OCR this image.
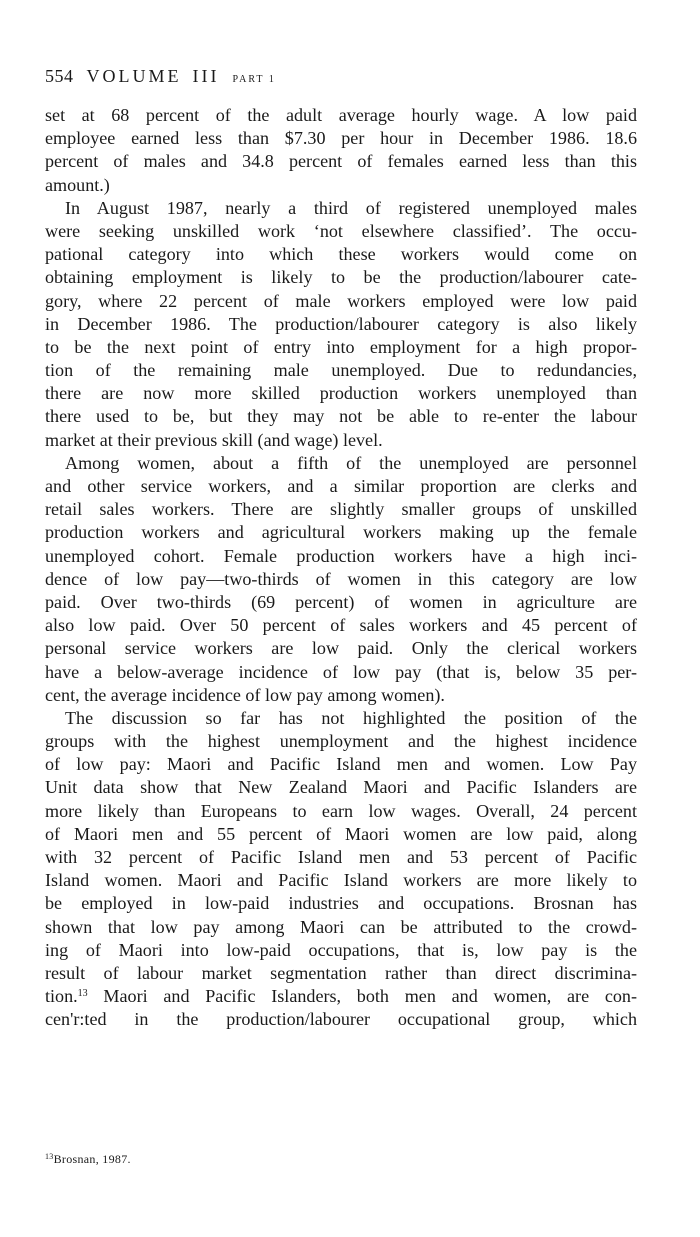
554 VOLUME III PART 1
set at 68 percent of the adult average hourly wage. A low paid
employee earned less than $7.30 per hour in December 1986. 18.6
percent of males and 34.8 percent of females earned less than this
amount.)
In August 1987, nearly a third of registered unemployed males
were seeking unskilled work ‘not elsewhere classified’. The occu-
pational category into which these workers would come on
obtaining employment is likely to be the production/labourer cate-
gory, where 22 percent of male workers employed were low paid
in December 1986. The production/labourer category is also likely
to be the next point of entry into employment for a high propor-
tion of the remaining male unemployed. Due to redundancies,
there are now more skilled production workers unemployed than
there used to be, but they may not be able to re-enter the labour
market at their previous skill (and wage) level.
Among women, about a fifth of the unemployed are personnel
and other service workers, and a similar proportion are clerks and
retail sales workers. There are slightly smaller groups of unskilled
production workers and agricultural workers making up the female
unemployed cohort. Female production workers have a high inci-
dence of low pay—two-thirds of women in this category are low
paid. Over two-thirds (69 percent) of women in agriculture are
also low paid. Over 50 percent of sales workers and 45 percent of
personal service workers are low paid. Only the clerical workers
have a below-average incidence of low pay (that is, below 35 per-
cent, the average incidence of low pay among women).
The discussion so far has not highlighted the position of the
groups with the highest unemployment and the highest incidence
of low pay: Maori and Pacific Island men and women. Low Pay
Unit data show that New Zealand Maori and Pacific Islanders are
more likely than Europeans to earn low wages. Overall, 24 percent
of Maori men and 55 percent of Maori women are low paid, along
with 32 percent of Pacific Island men and 53 percent of Pacific
Island women. Maori and Pacific Island workers are more likely to
be employed in low-paid industries and occupations. Brosnan has
shown that low pay among Maori can be attributed to the crowd-
ing of Maori into low-paid occupations, that is, low pay is the
result of labour market segmentation rather than direct discrimina-
tion.$^{13}$ Maori and Pacific Islanders, both men and women, are con-
cen'r:ted in the production/labourer occupational group, which
$^{13}$Brosnan, 1987.
